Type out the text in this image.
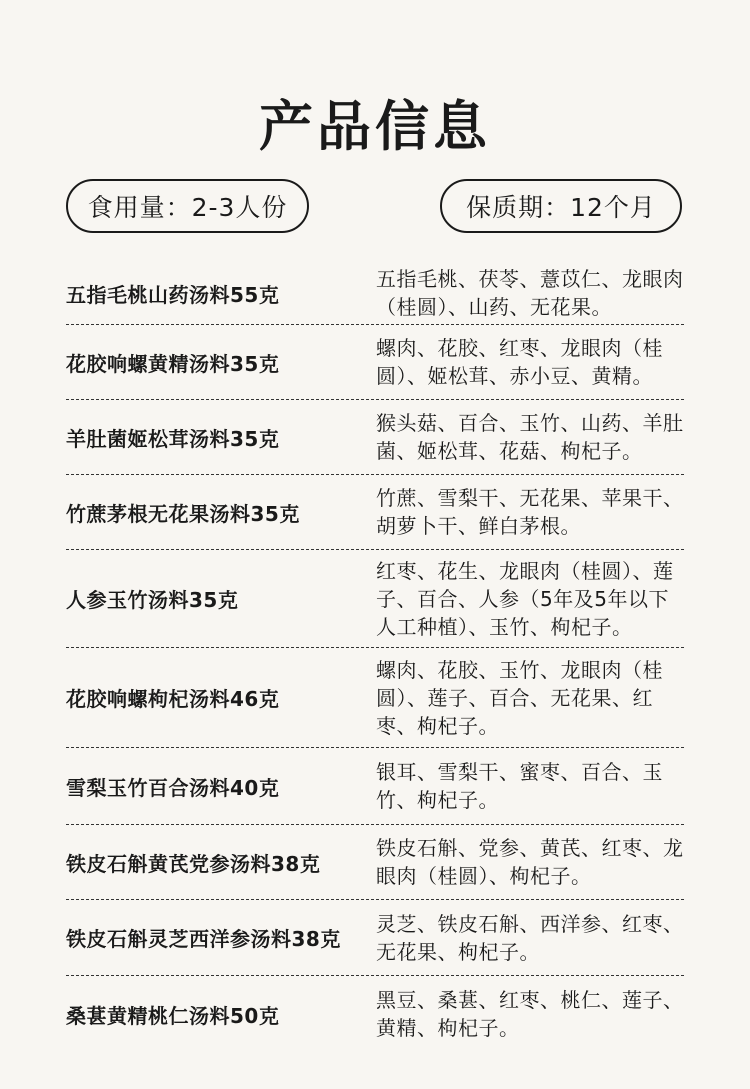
产品信息
食用量：2-3人份	保质期：12个月
五指毛桃山药汤料55克
五指毛桃、茯苓、薏苡仁、龙眼肉（桂圆）、山药、无花果。
花胶响螺黄精汤料35克
螺肉、花胶、红枣、龙眼肉（桂圆）、姬松茸、赤小豆、黄精。
羊肚菌姬松茸汤料35克
猴头菇、百合、玉竹、山药、羊肚菌、姬松茸、花菇、枸杞子。
竹蔗茅根无花果汤料35克
竹蔗、雪梨干、无花果、苹果干、胡萝卜干、鲜白茅根。
人参玉竹汤料35克
红枣、花生、龙眼肉（桂圆）、莲子、百合、人参（5年及5年以下人工种植）、玉竹、枸杞子。
花胶响螺枸杞汤料46克
螺肉、花胶、玉竹、龙眼肉（桂圆）、莲子、百合、无花果、红枣、枸杞子。
雪梨玉竹百合汤料40克
银耳、雪梨干、蜜枣、百合、玉竹、枸杞子。
铁皮石斛黄芪党参汤料38克
铁皮石斛、党参、黄芪、红枣、龙眼肉（桂圆）、枸杞子。
铁皮石斛灵芝西洋参汤料38克
灵芝、铁皮石斛、西洋参、红枣、无花果、枸杞子。
桑葚黄精桃仁汤料50克
黑豆、桑葚、红枣、桃仁、莲子、黄精、枸杞子。
